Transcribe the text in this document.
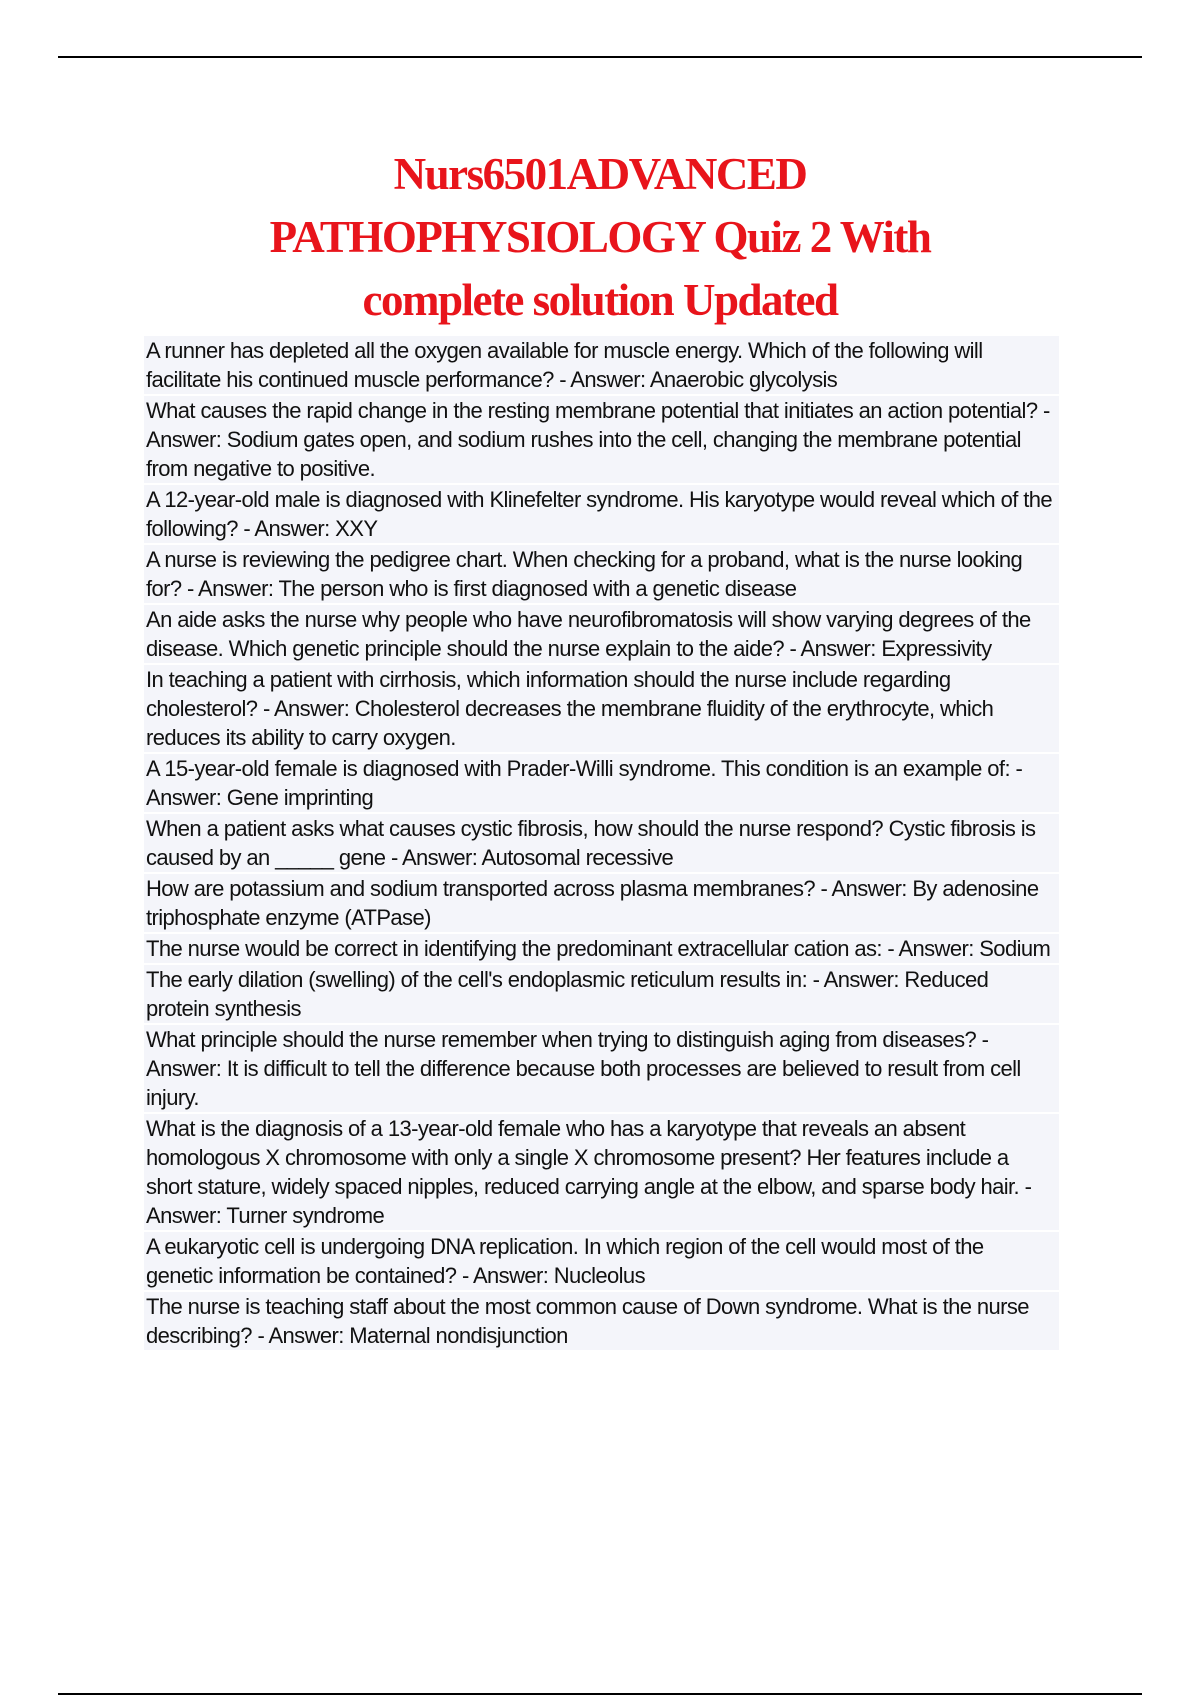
Nurs6501ADVANCED
PATHOPHYSIOLOGY Quiz 2 With
complete solution Updated
A runner has depleted all the oxygen available for muscle energy. Which of the following will facilitate his continued muscle performance? - Answer: Anaerobic glycolysis
What causes the rapid change in the resting membrane potential that initiates an action potential? - Answer: Sodium gates open, and sodium rushes into the cell, changing the membrane potential from negative to positive.
A 12-year-old male is diagnosed with Klinefelter syndrome. His karyotype would reveal which of the following? - Answer: XXY
A nurse is reviewing the pedigree chart. When checking for a proband, what is the nurse looking for? - Answer: The person who is first diagnosed with a genetic disease
An aide asks the nurse why people who have neurofibromatosis will show varying degrees of the disease. Which genetic principle should the nurse explain to the aide? - Answer: Expressivity
In teaching a patient with cirrhosis, which information should the nurse include regarding cholesterol? - Answer: Cholesterol decreases the membrane fluidity of the erythrocyte, which reduces its ability to carry oxygen.
A 15-year-old female is diagnosed with Prader-Willi syndrome. This condition is an example of: - Answer: Gene imprinting
When a patient asks what causes cystic fibrosis, how should the nurse respond? Cystic fibrosis is caused by an _____ gene - Answer: Autosomal recessive
How are potassium and sodium transported across plasma membranes? - Answer: By adenosine triphosphate enzyme (ATPase)
The nurse would be correct in identifying the predominant extracellular cation as: - Answer: Sodium
The early dilation (swelling) of the cell's endoplasmic reticulum results in: - Answer: Reduced protein synthesis
What principle should the nurse remember when trying to distinguish aging from diseases? - Answer: It is difficult to tell the difference because both processes are believed to result from cell injury.
What is the diagnosis of a 13-year-old female who has a karyotype that reveals an absent homologous X chromosome with only a single X chromosome present? Her features include a short stature, widely spaced nipples, reduced carrying angle at the elbow, and sparse body hair. - Answer: Turner syndrome
A eukaryotic cell is undergoing DNA replication. In which region of the cell would most of the genetic information be contained? - Answer: Nucleolus
The nurse is teaching staff about the most common cause of Down syndrome. What is the nurse describing? - Answer: Maternal nondisjunction
